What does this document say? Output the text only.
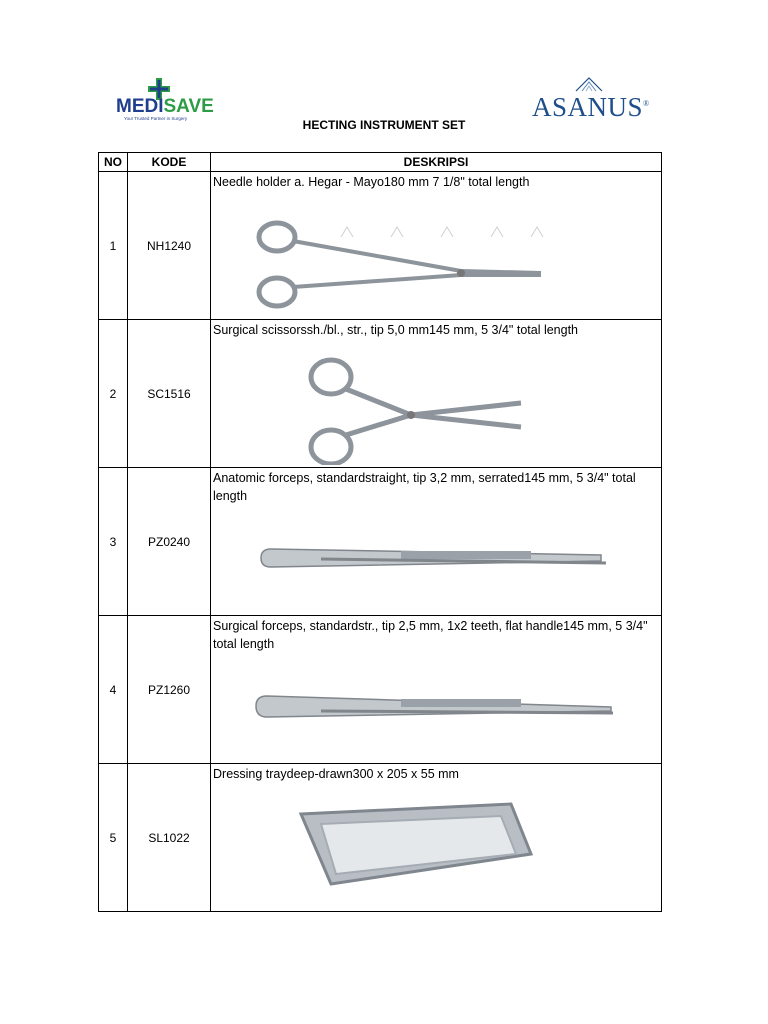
MEDISAVE
Your Trusted Partner in Surgery	ASANUS®
HECTING INSTRUMENT SET
NO	KODE	DESKRIPSI
1	NH1240	Needle holder a. Hegar - Mayo180 mm 7 1/8" total length

2	SC1516	Surgical scissorssh./bl., str., tip 5,0 mm145 mm, 5 3/4" total length

3	PZ0240	Anatomic forceps, standardstraight, tip 3,2 mm, serrated145 mm, 5 3/4" total length

4	PZ1260	Surgical forceps, standardstr., tip 2,5 mm, 1x2 teeth, flat handle145 mm, 5 3/4" total length

5	SL1022	Dressing traydeep-drawn300 x 205 x 55 mm
